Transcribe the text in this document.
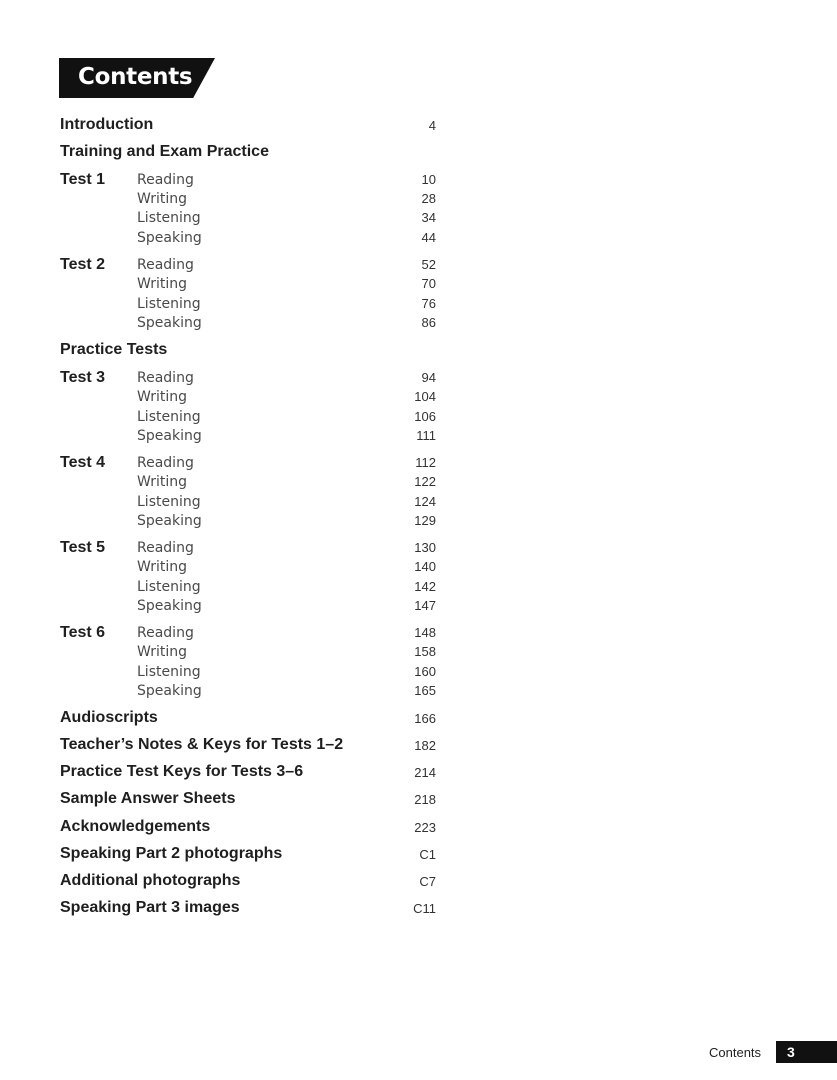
Contents
Introduction	4
Training and Exam Practice
Test 1 Reading	10
Writing	28
Listening	34
Speaking	44
Test 2 Reading	52
Writing	70
Listening	76
Speaking	86
Practice Tests
Test 3 Reading	94
Writing	104
Listening	106
Speaking	111
Test 4 Reading	112
Writing	122
Listening	124
Speaking	129
Test 5 Reading	130
Writing	140
Listening	142
Speaking	147
Test 6 Reading	148
Writing	158
Listening	160
Speaking	165
Audioscripts	166
Teacher’s Notes & Keys for Tests 1–2	182
Practice Test Keys for Tests 3–6	214
Sample Answer Sheets	218
Acknowledgements	223
Speaking Part 2 photographs	C1
Additional photographs	C7
Speaking Part 3 images	C11
Contents 3
